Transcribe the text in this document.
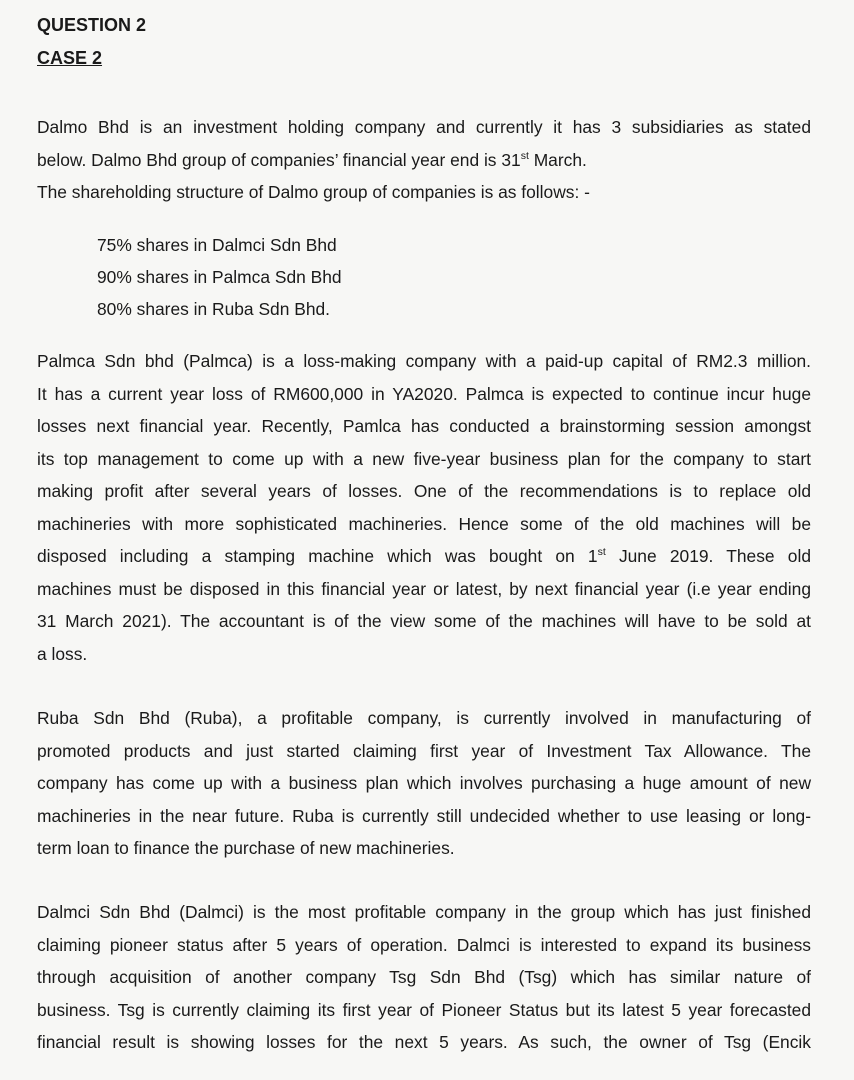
QUESTION 2
CASE 2

Dalmo Bhd is an investment holding company and currently it has 3 subsidiaries as stated
below. Dalmo Bhd group of companies’ financial year end is 31st March.
The shareholding structure of Dalmo group of companies is as follows: -

75% shares in Dalmci Sdn Bhd
90% shares in Palmca Sdn Bhd
80% shares in Ruba Sdn Bhd.

Palmca Sdn bhd (Palmca) is a loss-making company with a paid-up capital of RM2.3 million.
It has a current year loss of RM600,000 in YA2020. Palmca is expected to continue incur huge
losses next financial year. Recently, Pamlca has conducted a brainstorming session amongst
its top management to come up with a new five-year business plan for the company to start
making profit after several years of losses. One of the recommendations is to replace old
machineries with more sophisticated machineries. Hence some of the old machines will be
disposed including a stamping machine which was bought on 1st June 2019. These old
machines must be disposed in this financial year or latest, by next financial year (i.e year ending
31 March 2021). The accountant is of the view some of the machines will have to be sold at
a loss.

Ruba Sdn Bhd (Ruba), a profitable company, is currently involved in manufacturing of
promoted products and just started claiming first year of Investment Tax Allowance. The
company has come up with a business plan which involves purchasing a huge amount of new
machineries in the near future. Ruba is currently still undecided whether to use leasing or long-
term loan to finance the purchase of new machineries.

Dalmci Sdn Bhd (Dalmci) is the most profitable company in the group which has just finished
claiming pioneer status after 5 years of operation. Dalmci is interested to expand its business
through acquisition of another company Tsg Sdn Bhd (Tsg) which has similar nature of
business. Tsg is currently claiming its first year of Pioneer Status but its latest 5 year forecasted
financial result is showing losses for the next 5 years. As such, the owner of Tsg (Encik
